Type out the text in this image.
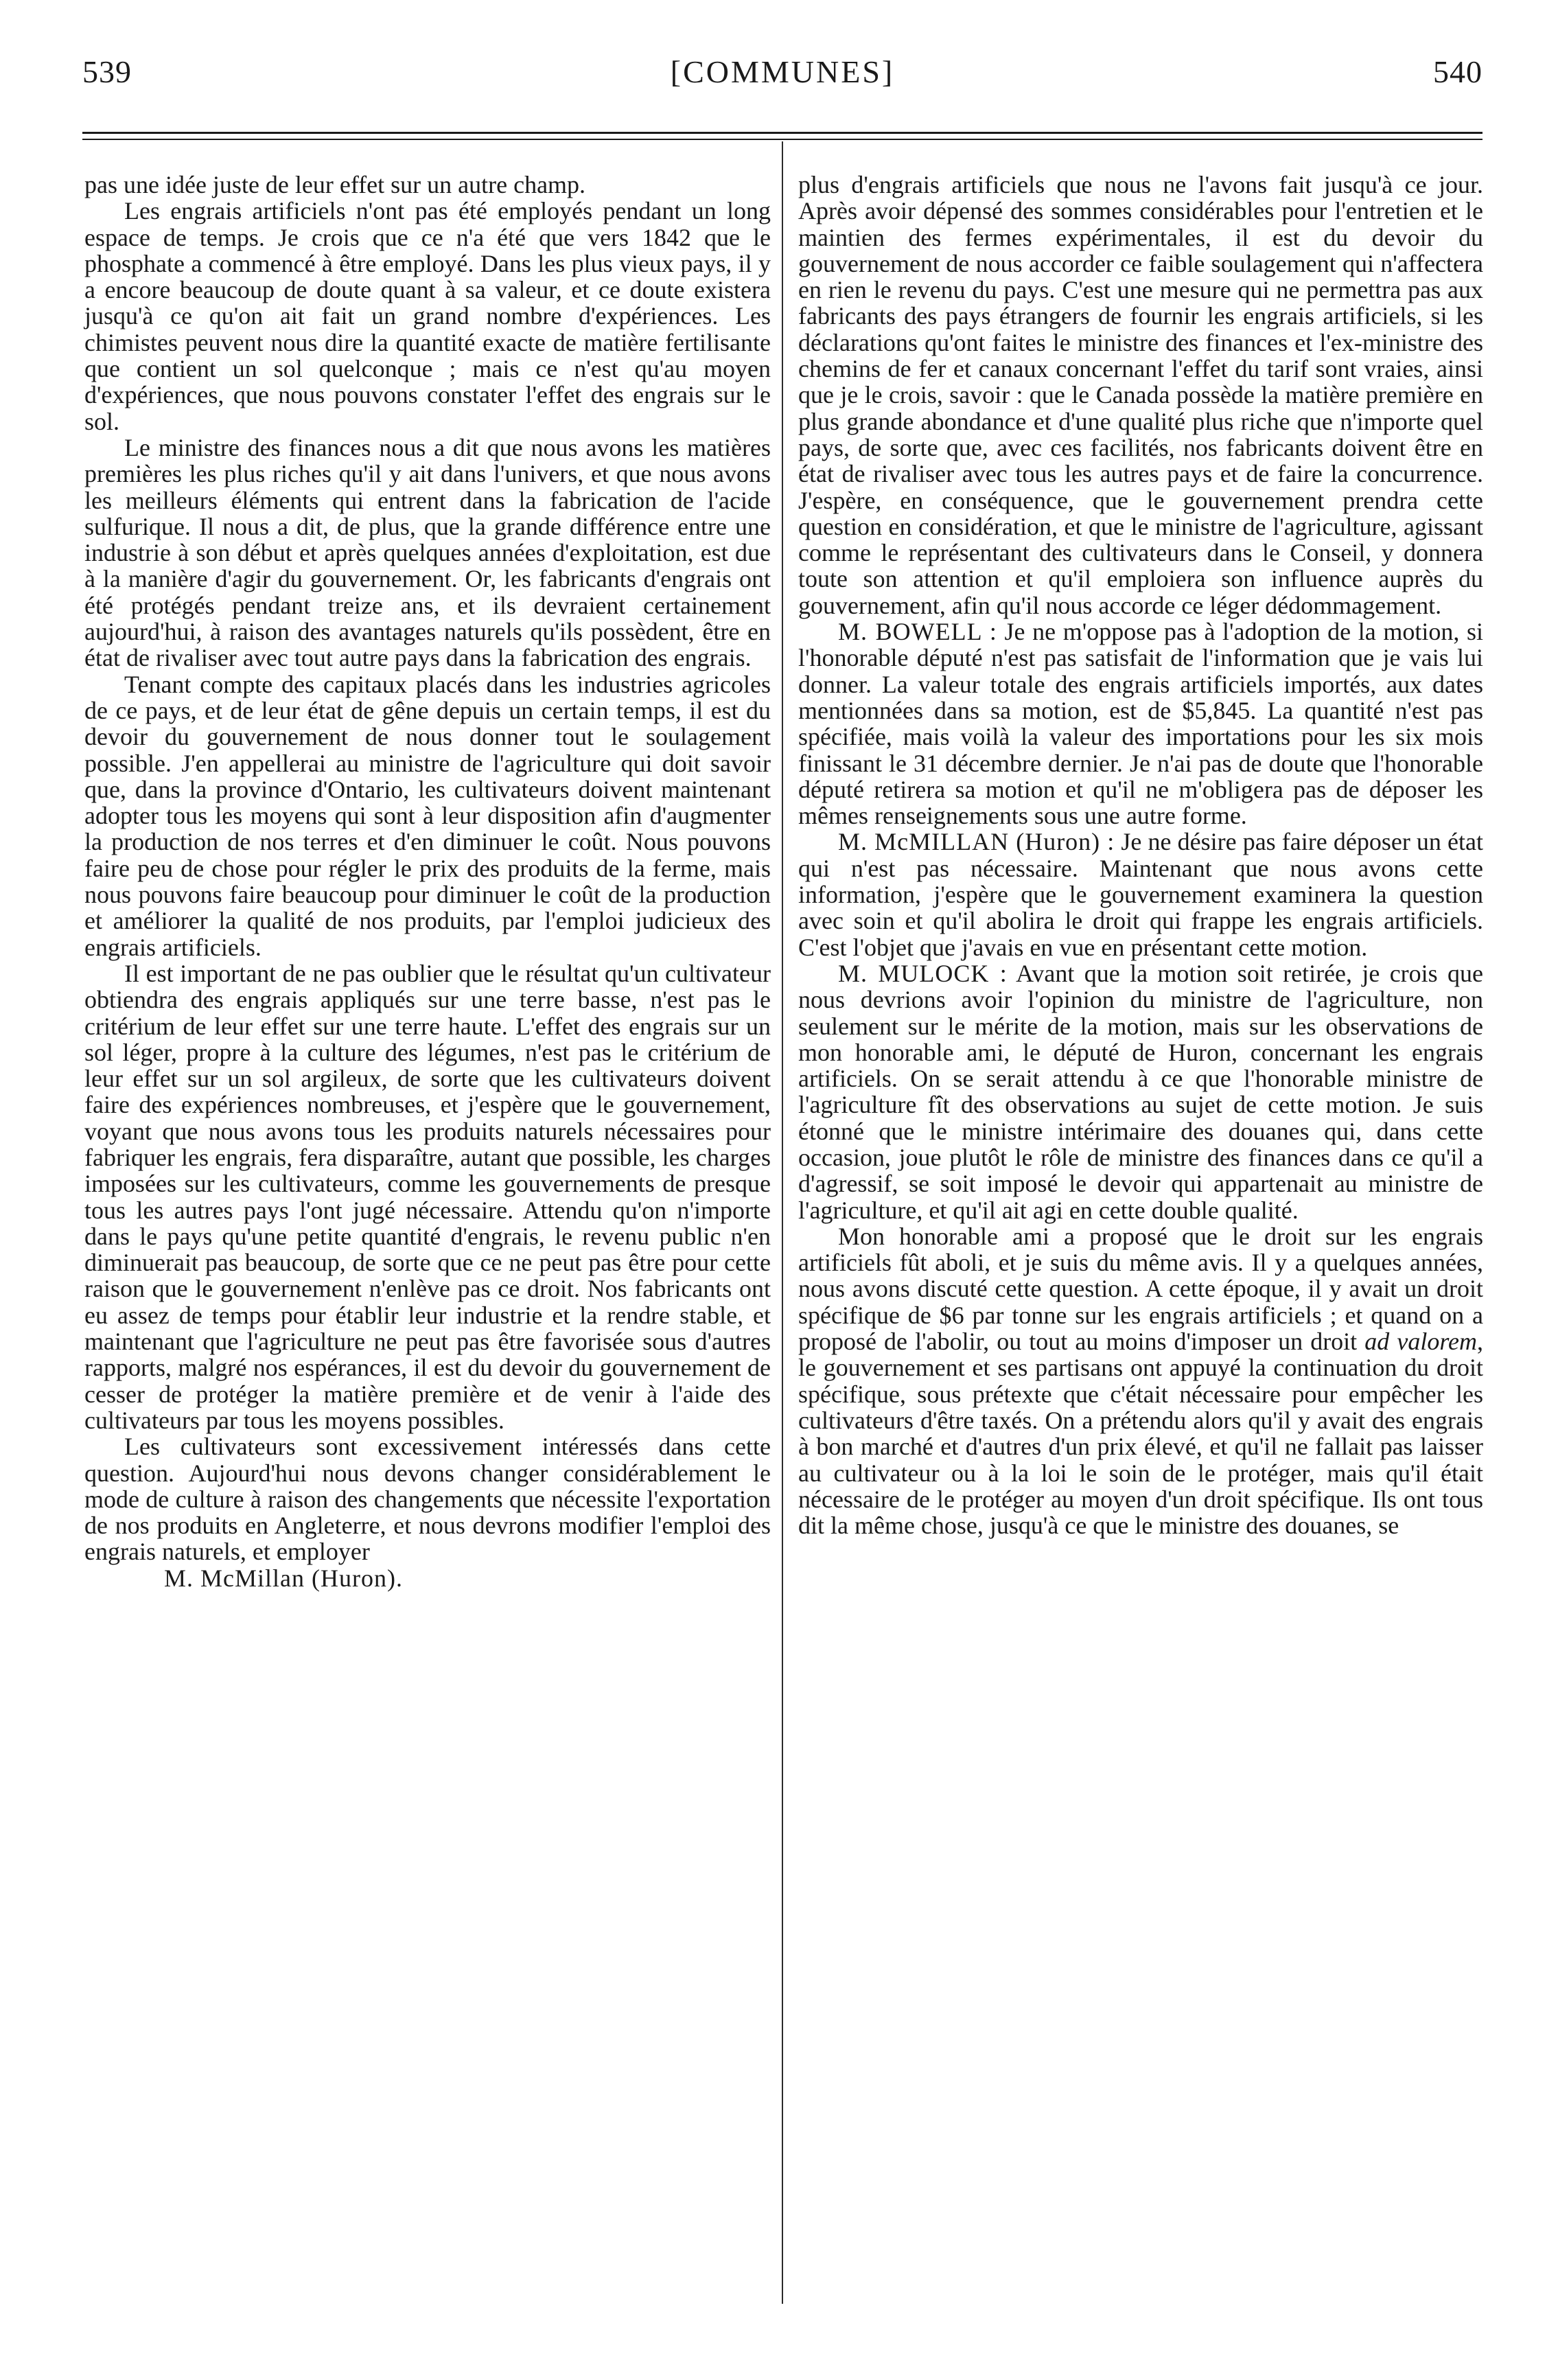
[COMMUNES]
539	540

pas une idée juste de leur effet sur un autre champ.

Les engrais artificiels n'ont pas été employés pendant un long espace de temps. Je crois que ce n'a été que vers 1842 que le phosphate a commencé à être employé. Dans les plus vieux pays, il y a encore beaucoup de doute quant à sa valeur, et ce doute existera jusqu'à ce qu'on ait fait un grand nombre d'expériences. Les chimistes peuvent nous dire la quantité exacte de matière fertilisante que contient un sol quelconque ; mais ce n'est qu'au moyen d'expériences, que nous pouvons constater l'effet des engrais sur le sol.

Le ministre des finances nous a dit que nous avons les matières premières les plus riches qu'il y ait dans l'univers, et que nous avons les meilleurs éléments qui entrent dans la fabrication de l'acide sulfurique. Il nous a dit, de plus, que la grande différence entre une industrie à son début et après quelques années d'exploitation, est due à la manière d'agir du gouvernement. Or, les fabricants d'engrais ont été protégés pendant treize ans, et ils devraient certainement aujourd'hui, à raison des avantages naturels qu'ils possèdent, être en état de rivaliser avec tout autre pays dans la fabrication des engrais.

Tenant compte des capitaux placés dans les industries agricoles de ce pays, et de leur état de gêne depuis un certain temps, il est du devoir du gouvernement de nous donner tout le soulagement possible. J'en appellerai au ministre de l'agriculture qui doit savoir que, dans la province d'Ontario, les cultivateurs doivent maintenant adopter tous les moyens qui sont à leur disposition afin d'augmenter la production de nos terres et d'en diminuer le coût. Nous pouvons faire peu de chose pour régler le prix des produits de la ferme, mais nous pouvons faire beaucoup pour diminuer le coût de la production et améliorer la qualité de nos produits, par l'emploi judicieux des engrais artificiels.

Il est important de ne pas oublier que le résultat qu'un cultivateur obtiendra des engrais appliqués sur une terre basse, n'est pas le critérium de leur effet sur une terre haute. L'effet des engrais sur un sol léger, propre à la culture des légumes, n'est pas le critérium de leur effet sur un sol argileux, de sorte que les cultivateurs doivent faire des expériences nombreuses, et j'espère que le gouvernement, voyant que nous avons tous les produits naturels nécessaires pour fabriquer les engrais, fera disparaître, autant que possible, les charges imposées sur les cultivateurs, comme les gouvernements de presque tous les autres pays l'ont jugé nécessaire. Attendu qu'on n'importe dans le pays qu'une petite quantité d'engrais, le revenu public n'en diminuerait pas beaucoup, de sorte que ce ne peut pas être pour cette raison que le gouvernement n'enlève pas ce droit. Nos fabricants ont eu assez de temps pour établir leur industrie et la rendre stable, et maintenant que l'agriculture ne peut pas être favorisée sous d'autres rapports, malgré nos espérances, il est du devoir du gouvernement de cesser de protéger la matière première et de venir à l'aide des cultivateurs par tous les moyens possibles.

Les cultivateurs sont excessivement intéressés dans cette question. Aujourd'hui nous devons changer considérablement le mode de culture à raison des changements que nécessite l'exportation de nos produits en Angleterre, et nous devrons modifier l'emploi des engrais naturels, et employer

M. McMillan (Huron).

plus d'engrais artificiels que nous ne l'avons fait jusqu'à ce jour. Après avoir dépensé des sommes considérables pour l'entretien et le maintien des fermes expérimentales, il est du devoir du gouvernement de nous accorder ce faible soulagement qui n'affectera en rien le revenu du pays. C'est une mesure qui ne permettra pas aux fabricants des pays étrangers de fournir les engrais artificiels, si les déclarations qu'ont faites le ministre des finances et l'ex-ministre des chemins de fer et canaux concernant l'effet du tarif sont vraies, ainsi que je le crois, savoir : que le Canada possède la matière première en plus grande abondance et d'une qualité plus riche que n'importe quel pays, de sorte que, avec ces facilités, nos fabricants doivent être en état de rivaliser avec tous les autres pays et de faire la concurrence. J'espère, en conséquence, que le gouvernement prendra cette question en considération, et que le ministre de l'agriculture, agissant comme le représentant des cultivateurs dans le Conseil, y donnera toute son attention et qu'il emploiera son influence auprès du gouvernement, afin qu'il nous accorde ce léger dédommagement.

M. BOWELL : Je ne m'oppose pas à l'adoption de la motion, si l'honorable député n'est pas satisfait de l'information que je vais lui donner. La valeur totale des engrais artificiels importés, aux dates mentionnées dans sa motion, est de $5,845. La quantité n'est pas spécifiée, mais voilà la valeur des importations pour les six mois finissant le 31 décembre dernier. Je n'ai pas de doute que l'honorable député retirera sa motion et qu'il ne m'obligera pas de déposer les mêmes renseignements sous une autre forme.

M. McMILLAN (Huron) : Je ne désire pas faire déposer un état qui n'est pas nécessaire. Maintenant que nous avons cette information, j'espère que le gouvernement examinera la question avec soin et qu'il abolira le droit qui frappe les engrais artificiels. C'est l'objet que j'avais en vue en présentant cette motion.

M. MULOCK : Avant que la motion soit retirée, je crois que nous devrions avoir l'opinion du ministre de l'agriculture, non seulement sur le mérite de la motion, mais sur les observations de mon honorable ami, le député de Huron, concernant les engrais artificiels. On se serait attendu à ce que l'honorable ministre de l'agriculture fît des observations au sujet de cette motion. Je suis étonné que le ministre intérimaire des douanes qui, dans cette occasion, joue plutôt le rôle de ministre des finances dans ce qu'il a d'agressif, se soit imposé le devoir qui appartenait au ministre de l'agriculture, et qu'il ait agi en cette double qualité.

Mon honorable ami a proposé que le droit sur les engrais artificiels fût aboli, et je suis du même avis. Il y a quelques années, nous avons discuté cette question. A cette époque, il y avait un droit spécifique de $6 par tonne sur les engrais artificiels ; et quand on a proposé de l'abolir, ou tout au moins d'imposer un droit ad valorem, le gouvernement et ses partisans ont appuyé la continuation du droit spécifique, sous prétexte que c'était nécessaire pour empêcher les cultivateurs d'être taxés. On a prétendu alors qu'il y avait des engrais à bon marché et d'autres d'un prix élevé, et qu'il ne fallait pas laisser au cultivateur ou à la loi le soin de le protéger, mais qu'il était nécessaire de le protéger au moyen d'un droit spécifique. Ils ont tous dit la même chose, jusqu'à ce que le ministre des douanes, se
